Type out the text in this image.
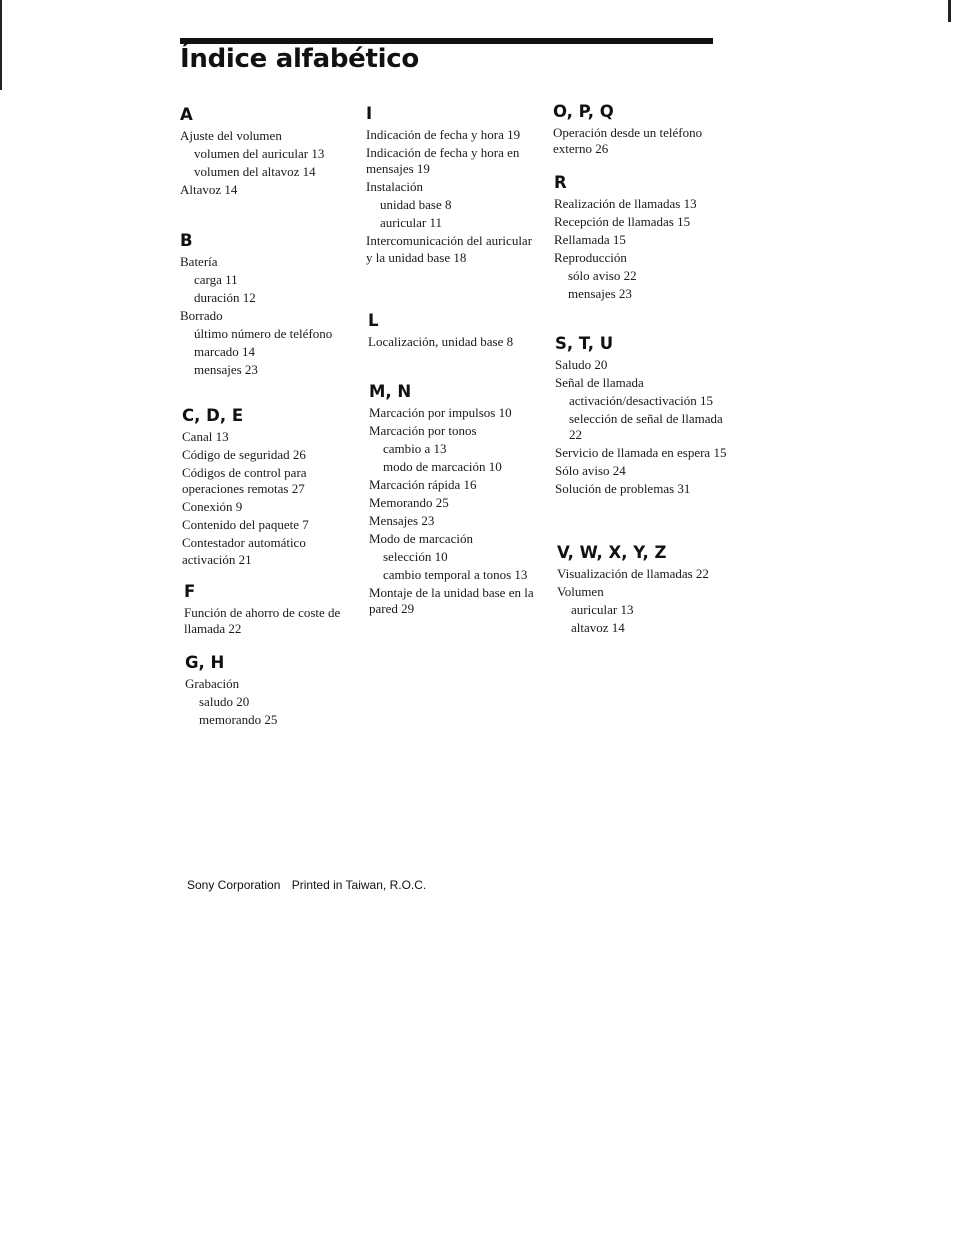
Índice alfabético
A
Ajuste del volumen
volumen del auricular 13
volumen del altavoz 14
Altavoz 14
B
Batería
carga 11
duración 12
Borrado
último número de teléfono
marcado 14
mensajes 23
C, D, E
Canal 13
Código de seguridad 26
Códigos de control para operaciones remotas 27
Conexión 9
Contenido del paquete 7
Contestador automático activación 21
F
Función de ahorro de coste de llamada 22
G, H
Grabación
saludo 20
memorando 25
I
Indicación de fecha y hora 19
Indicación de fecha y hora en mensajes 19
Instalación
unidad base 8
auricular 11
Intercomunicación del auricular y la unidad base 18
L
Localización, unidad base 8
M, N
Marcación por impulsos 10
Marcación por tonos
cambio a 13
modo de marcación 10
Marcación rápida 16
Memorando 25
Mensajes 23
Modo de marcación
selección 10
cambio temporal a tonos 13
Montaje de la unidad base en la pared 29
O, P, Q
Operación desde un teléfono externo 26
R
Realización de llamadas 13
Recepción de llamadas 15
Rellamada 15
Reproducción
sólo aviso 22
mensajes 23
S, T, U
Saludo 20
Señal de llamada
activación/desactivación 15
selección de señal de llamada 22
Servicio de llamada en espera 15
Sólo aviso 24
Solución de problemas 31
V, W, X, Y, Z
Visualización de llamadas 22
Volumen
auricular 13
altavoz 14
Sony Corporation Printed in Taiwan, R.O.C.
